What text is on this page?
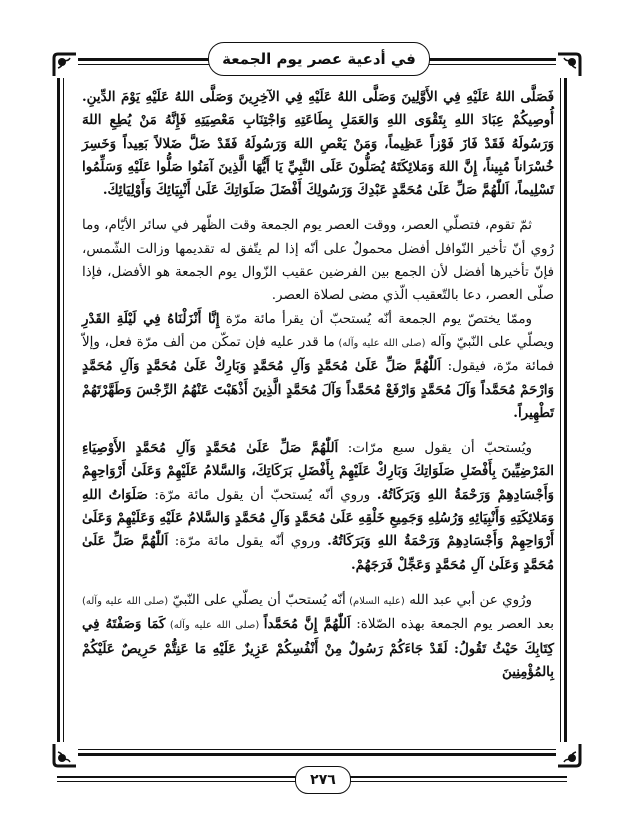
في أدعية عصر يوم الجمعة

فَصَلَّى اللهُ عَلَيْهِ فِي الأَوَّلِينَ وَصَلَّى اللهُ عَلَيْهِ فِي الآخِرِينَ وَصَلَّى اللهُ عَلَيْهِ يَوْمَ الدِّينِ. أُوصِيكُمْ عِبَادَ اللهِ بِتَقْوَى اللهِ وَالعَمَلِ بِطَاعَتِهِ وَاجْتِنَابِ مَعْصِيَتِهِ فَإِنَّهُ مَنْ يُطِعِ اللهَ وَرَسُولَهُ فَقَدْ فَازَ فَوْزاً عَظِيماً، وَمَنْ يَعْصِ اللهَ وَرَسُولَهُ فَقَدْ ضَلَّ ضَلالاً بَعِيداً وَخَسِرَ خُسْرَاناً مُبِيناً، إِنَّ اللهَ وَمَلائِكَتَهُ يُصَلُّونَ عَلَى النَّبِيِّ يَا أَيُّهَا الَّذِينَ آمَنُوا صَلُّوا عَلَيْهِ وَسَلِّمُوا تَسْلِيماً، اَللّٰهُمَّ صَلِّ عَلَىٰ مُحَمَّدٍ عَبْدِكَ وَرَسُولِكَ أَفْضَلَ صَلَوَاتِكَ عَلَىٰ أَنْبِيَائِكَ وَأَوْلِيَائِكَ.

ثمّ تقوم، فتصلّي العصر، ووقت العصر يوم الجمعة وقت الظّهر في سائر الأيّام، وما رُوي أنّ تأخير النّوافل أفضل محمولٌ على أنّه إذا لم يتّفق له تقديمها وزالت الشّمس، فإنّ تأخيرها أفضل لأن الجمع بين الفرضين عقيب الزّوال يوم الجمعة هو الأفضل، فإذا صلّى العصر، دعا بالتّعقيب الّذي مضى لصلاة العصر.

وممّا يختصّ يوم الجمعة أنّه يُستحبّ أن يقرأ مائة مرّة إِنَّا أَنْزَلْنَاهُ فِي لَيْلَةِ القَدْرِ ويصلّي على النّبيّ وآله (صلى الله عليه وآله) ما قدر عليه فإن تمكّن من ألف مرّة فعل، وإلاّ فمائة مرّة، فيقول: اَللّٰهُمَّ صَلِّ عَلَىٰ مُحَمَّدٍ وَآلِ مُحَمَّدٍ وَبَارِكْ عَلَىٰ مُحَمَّدٍ وَآلِ مُحَمَّدٍ وَارْحَمْ مُحَمَّداً وَآلَ مُحَمَّدٍ وَارْفَعْ مُحَمَّداً وَآلَ مُحَمَّدٍ الَّذِينَ أَذْهَبْتَ عَنْهُمُ الرِّجْسَ وَطَهَّرْتَهُمْ تَطْهِيراً.

ويُستحبّ أن يقول سبع مرّات: اَللّٰهُمَّ صَلِّ عَلَىٰ مُحَمَّدٍ وَآلِ مُحَمَّدٍ الأَوْصِيَاءِ المَرْضِيِّينَ بِأَفْضَلِ صَلَوَاتِكَ وَبَارِكْ عَلَيْهِمْ بِأَفْضَلِ بَرَكَاتِكَ، وَالسَّلامُ عَلَيْهِمْ وَعَلَىٰ أَرْوَاحِهِمْ وَأَجْسَادِهِمْ وَرَحْمَةُ اللهِ وَبَرَكَاتُهُ. وروي أنّه يُستحبّ أن يقول مائة مرّة: صَلَوَاتُ اللهِ وَمَلائِكَتِهِ وَأَنْبِيَائِهِ وَرُسُلِهِ وَجَمِيعِ خَلْقِهِ عَلَىٰ مُحَمَّدٍ وَآلِ مُحَمَّدٍ وَالسَّلامُ عَلَيْهِ وَعَلَيْهِمْ وَعَلَىٰ أَرْوَاحِهِمْ وَأَجْسَادِهِمْ وَرَحْمَةُ اللهِ وَبَرَكَاتُهُ. وروي أنّه يقول مائة مرّة: اَللّٰهُمَّ صَلِّ عَلَىٰ مُحَمَّدٍ وَعَلَىٰ آلِ مُحَمَّدٍ وَعَجِّلْ فَرَجَهُمْ.

ورُوي عن أبي عبد الله (عليه السلام) أنّه يُستحبّ أن يصلّي على النّبيّ (صلى الله عليه وآله) بعد العصر يوم الجمعة بهذه الصّلاة: اَللّٰهُمَّ إِنَّ مُحَمَّداً (صلى الله عليه وآله) كَمَا وَصَفْتَهُ فِي كِتَابِكَ حَيْثُ تَقُولُ: لَقَدْ جَاءَكُمْ رَسُولٌ مِنْ أَنْفُسِكُمْ عَزِيزٌ عَلَيْهِ مَا عَنِتُّمْ حَرِيصٌ عَلَيْكُمْ بِالمُؤْمِنِينَ

٢٧٦
